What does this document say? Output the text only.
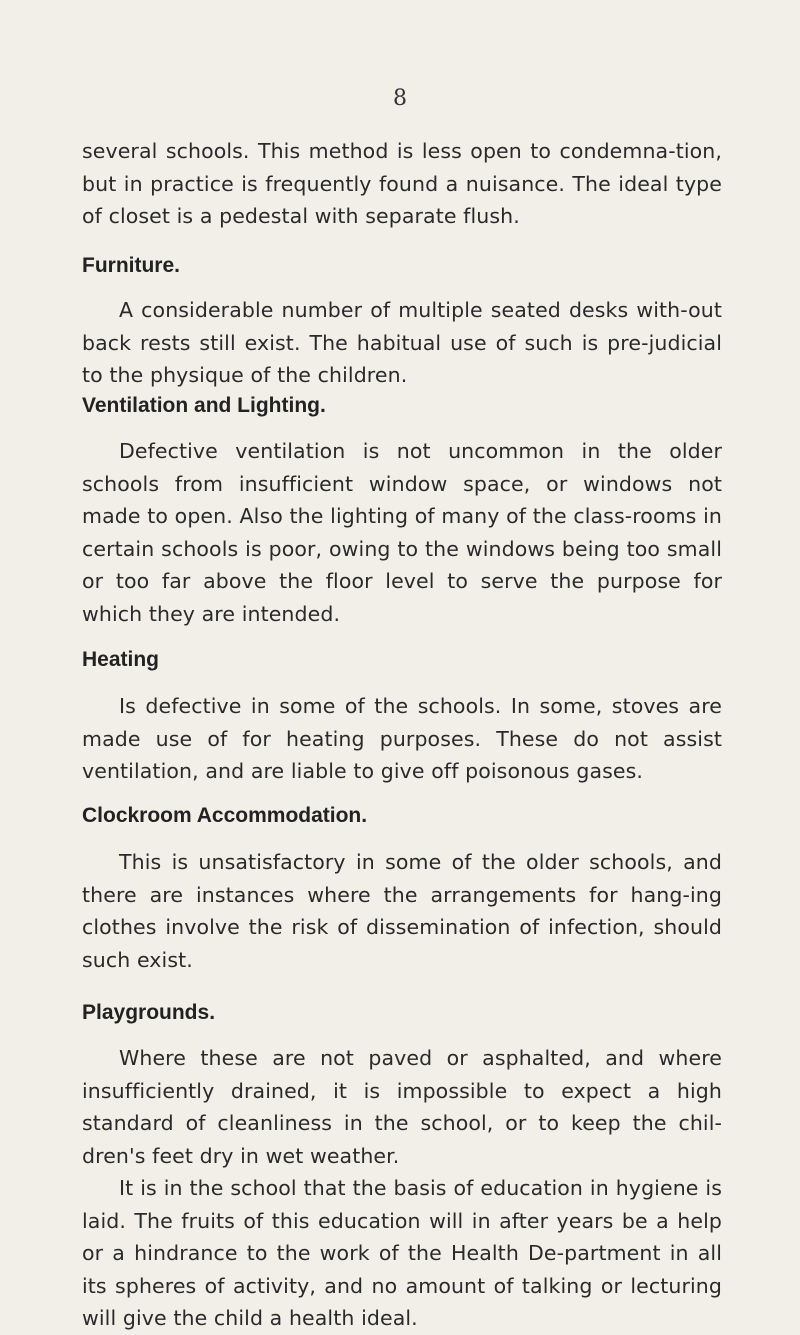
8

several schools. This method is less open to condemna-tion, but in practice is frequently found a nuisance. The ideal type of closet is a pedestal with separate flush.

Furniture.

A considerable number of multiple seated desks with-out back rests still exist. The habitual use of such is pre-judicial to the physique of the children.

Ventilation and Lighting.

Defective ventilation is not uncommon in the older schools from insufficient window space, or windows not made to open. Also the lighting of many of the class-rooms in certain schools is poor, owing to the windows being too small or too far above the floor level to serve the purpose for which they are intended.

Heating

Is defective in some of the schools. In some, stoves are made use of for heating purposes. These do not assist ventilation, and are liable to give off poisonous gases.

Clockroom Accommodation.

This is unsatisfactory in some of the older schools, and there are instances where the arrangements for hang-ing clothes involve the risk of dissemination of infection, should such exist.

Playgrounds.

Where these are not paved or asphalted, and where insufficiently drained, it is impossible to expect a high standard of cleanliness in the school, or to keep the chil-dren's feet dry in wet weather.

It is in the school that the basis of education in hygiene is laid. The fruits of this education will in after years be a help or a hindrance to the work of the Health De-partment in all its spheres of activity, and no amount of talking or lecturing will give the child a health ideal.
